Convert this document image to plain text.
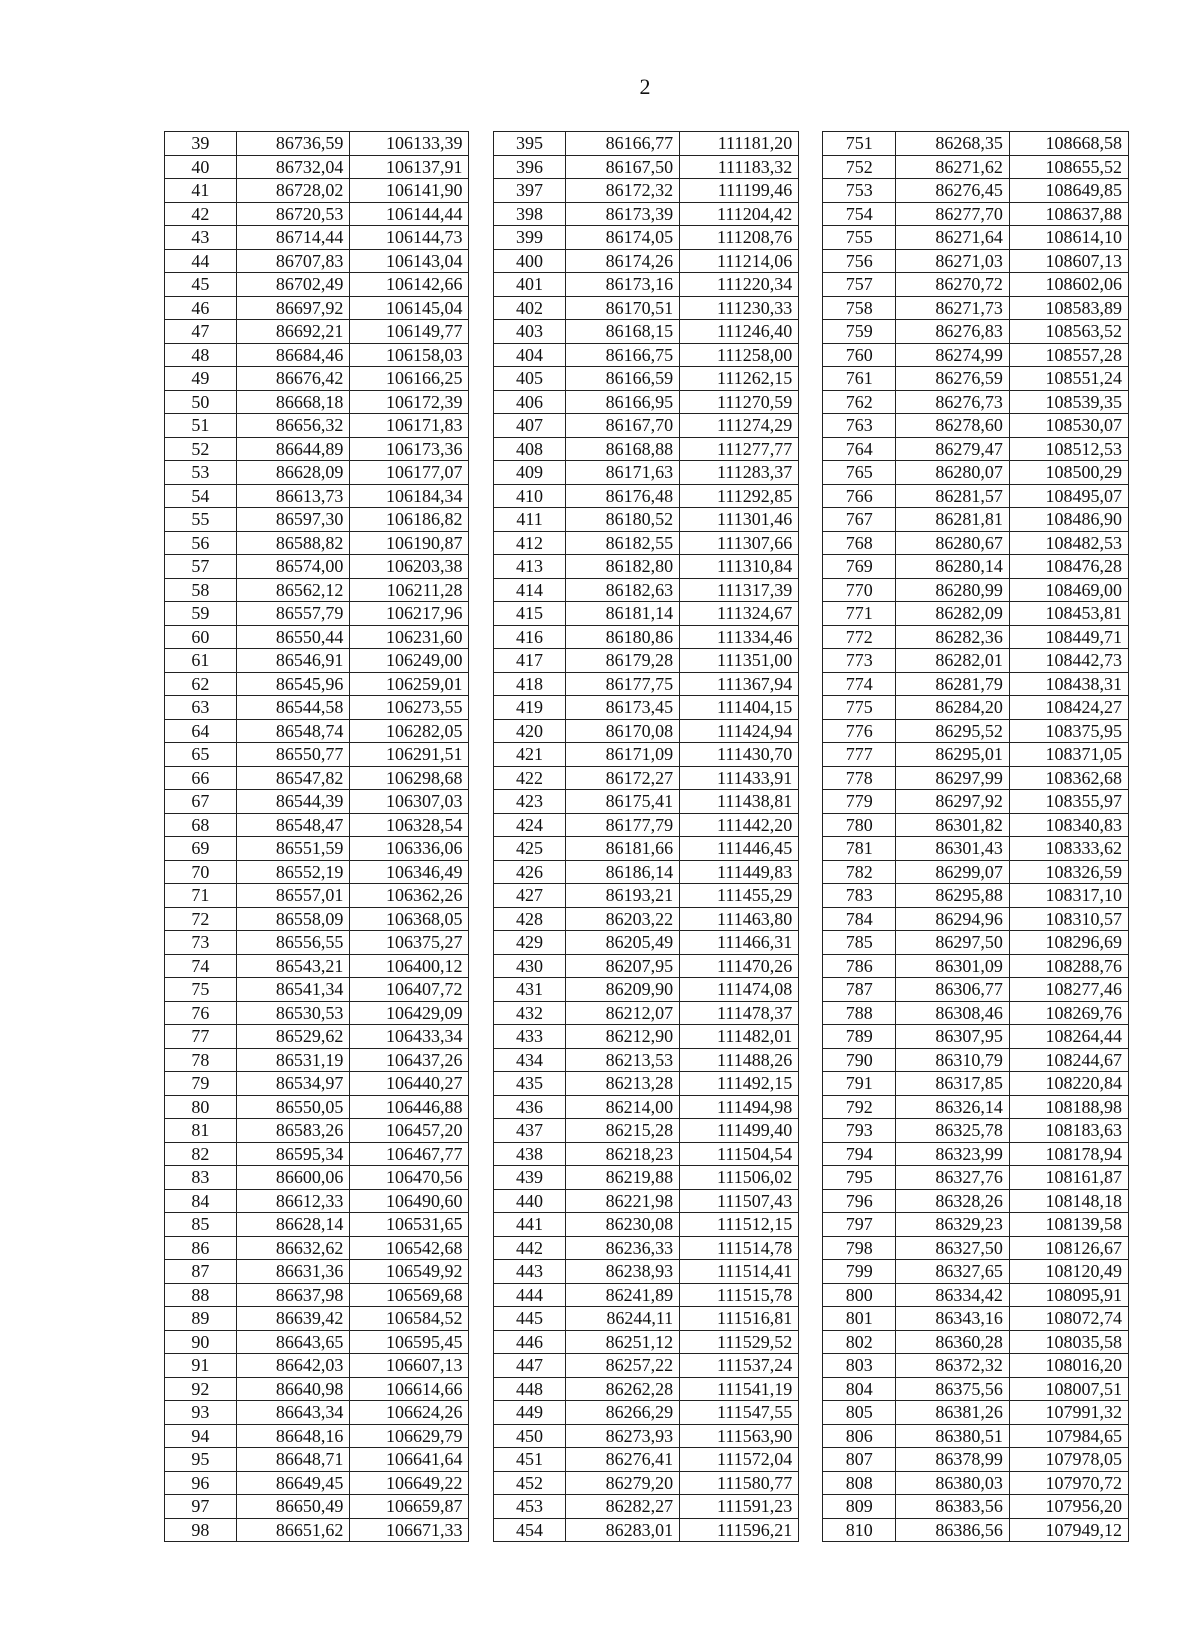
2
39	86736,59	106133,39		395	86166,77	111181,20		751	86268,35	108668,58
40	86732,04	106137,91		396	86167,50	111183,32		752	86271,62	108655,52
41	86728,02	106141,90		397	86172,32	111199,46		753	86276,45	108649,85
42	86720,53	106144,44		398	86173,39	111204,42		754	86277,70	108637,88
43	86714,44	106144,73		399	86174,05	111208,76		755	86271,64	108614,10
44	86707,83	106143,04		400	86174,26	111214,06		756	86271,03	108607,13
45	86702,49	106142,66		401	86173,16	111220,34		757	86270,72	108602,06
46	86697,92	106145,04		402	86170,51	111230,33		758	86271,73	108583,89
47	86692,21	106149,77		403	86168,15	111246,40		759	86276,83	108563,52
48	86684,46	106158,03		404	86166,75	111258,00		760	86274,99	108557,28
49	86676,42	106166,25		405	86166,59	111262,15		761	86276,59	108551,24
50	86668,18	106172,39		406	86166,95	111270,59		762	86276,73	108539,35
51	86656,32	106171,83		407	86167,70	111274,29		763	86278,60	108530,07
52	86644,89	106173,36		408	86168,88	111277,77		764	86279,47	108512,53
53	86628,09	106177,07		409	86171,63	111283,37		765	86280,07	108500,29
54	86613,73	106184,34		410	86176,48	111292,85		766	86281,57	108495,07
55	86597,30	106186,82		411	86180,52	111301,46		767	86281,81	108486,90
56	86588,82	106190,87		412	86182,55	111307,66		768	86280,67	108482,53
57	86574,00	106203,38		413	86182,80	111310,84		769	86280,14	108476,28
58	86562,12	106211,28		414	86182,63	111317,39		770	86280,99	108469,00
59	86557,79	106217,96		415	86181,14	111324,67		771	86282,09	108453,81
60	86550,44	106231,60		416	86180,86	111334,46		772	86282,36	108449,71
61	86546,91	106249,00		417	86179,28	111351,00		773	86282,01	108442,73
62	86545,96	106259,01		418	86177,75	111367,94		774	86281,79	108438,31
63	86544,58	106273,55		419	86173,45	111404,15		775	86284,20	108424,27
64	86548,74	106282,05		420	86170,08	111424,94		776	86295,52	108375,95
65	86550,77	106291,51		421	86171,09	111430,70		777	86295,01	108371,05
66	86547,82	106298,68		422	86172,27	111433,91		778	86297,99	108362,68
67	86544,39	106307,03		423	86175,41	111438,81		779	86297,92	108355,97
68	86548,47	106328,54		424	86177,79	111442,20		780	86301,82	108340,83
69	86551,59	106336,06		425	86181,66	111446,45		781	86301,43	108333,62
70	86552,19	106346,49		426	86186,14	111449,83		782	86299,07	108326,59
71	86557,01	106362,26		427	86193,21	111455,29		783	86295,88	108317,10
72	86558,09	106368,05		428	86203,22	111463,80		784	86294,96	108310,57
73	86556,55	106375,27		429	86205,49	111466,31		785	86297,50	108296,69
74	86543,21	106400,12		430	86207,95	111470,26		786	86301,09	108288,76
75	86541,34	106407,72		431	86209,90	111474,08		787	86306,77	108277,46
76	86530,53	106429,09		432	86212,07	111478,37		788	86308,46	108269,76
77	86529,62	106433,34		433	86212,90	111482,01		789	86307,95	108264,44
78	86531,19	106437,26		434	86213,53	111488,26		790	86310,79	108244,67
79	86534,97	106440,27		435	86213,28	111492,15		791	86317,85	108220,84
80	86550,05	106446,88		436	86214,00	111494,98		792	86326,14	108188,98
81	86583,26	106457,20		437	86215,28	111499,40		793	86325,78	108183,63
82	86595,34	106467,77		438	86218,23	111504,54		794	86323,99	108178,94
83	86600,06	106470,56		439	86219,88	111506,02		795	86327,76	108161,87
84	86612,33	106490,60		440	86221,98	111507,43		796	86328,26	108148,18
85	86628,14	106531,65		441	86230,08	111512,15		797	86329,23	108139,58
86	86632,62	106542,68		442	86236,33	111514,78		798	86327,50	108126,67
87	86631,36	106549,92		443	86238,93	111514,41		799	86327,65	108120,49
88	86637,98	106569,68		444	86241,89	111515,78		800	86334,42	108095,91
89	86639,42	106584,52		445	86244,11	111516,81		801	86343,16	108072,74
90	86643,65	106595,45		446	86251,12	111529,52		802	86360,28	108035,58
91	86642,03	106607,13		447	86257,22	111537,24		803	86372,32	108016,20
92	86640,98	106614,66		448	86262,28	111541,19		804	86375,56	108007,51
93	86643,34	106624,26		449	86266,29	111547,55		805	86381,26	107991,32
94	86648,16	106629,79		450	86273,93	111563,90		806	86380,51	107984,65
95	86648,71	106641,64		451	86276,41	111572,04		807	86378,99	107978,05
96	86649,45	106649,22		452	86279,20	111580,77		808	86380,03	107970,72
97	86650,49	106659,87		453	86282,27	111591,23		809	86383,56	107956,20
98	86651,62	106671,33		454	86283,01	111596,21		810	86386,56	107949,12
